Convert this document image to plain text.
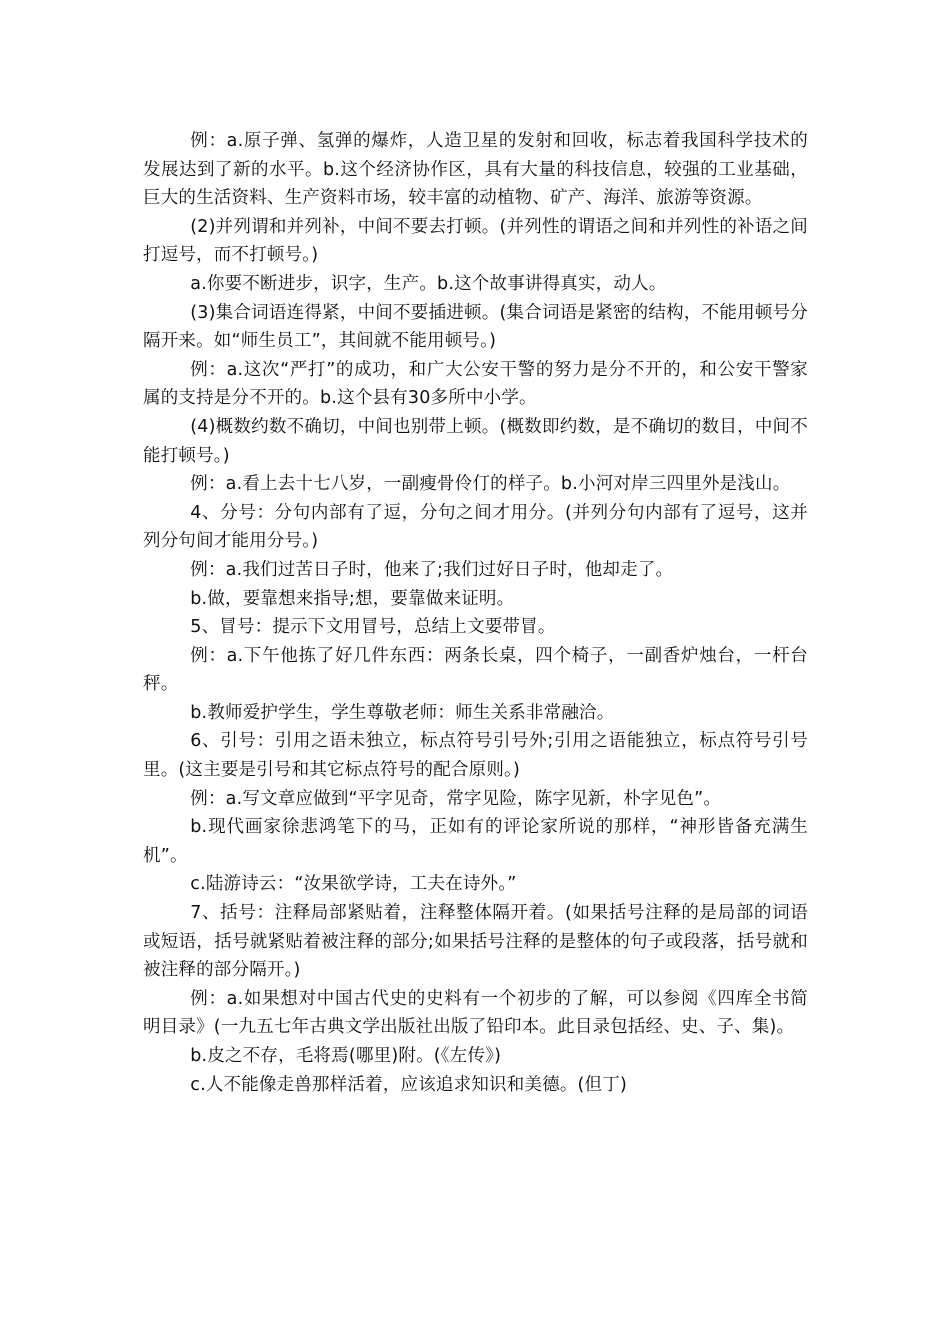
例：a.原子弹、氢弹的爆炸，人造卫星的发射和回收，标志着我国科学技术的发展达到了新的水平。b.这个经济协作区，具有大量的科技信息，较强的工业基础，巨大的生活资料、生产资料市场，较丰富的动植物、矿产、海洋、旅游等资源。

(2)并列谓和并列补，中间不要去打顿。(并列性的谓语之间和并列性的补语之间打逗号，而不打顿号。)

a.你要不断进步，识字，生产。b.这个故事讲得真实，动人。

(3)集合词语连得紧，中间不要插进顿。(集合词语是紧密的结构，不能用顿号分隔开来。如“师生员工”，其间就不能用顿号。)

例：a.这次“严打”的成功，和广大公安干警的努力是分不开的，和公安干警家属的支持是分不开的。b.这个县有30多所中小学。

(4)概数约数不确切，中间也别带上顿。(概数即约数，是不确切的数目，中间不能打顿号。)

例：a.看上去十七八岁，一副瘦骨伶仃的样子。b.小河对岸三四里外是浅山。

4、分号：分句内部有了逗，分句之间才用分。(并列分句内部有了逗号，这并列分句间才能用分号。)

例：a.我们过苦日子时，他来了;我们过好日子时，他却走了。

b.做，要靠想来指导;想，要靠做来证明。

5、冒号：提示下文用冒号，总结上文要带冒。

例：a.下午他拣了好几件东西：两条长桌，四个椅子，一副香炉烛台，一杆台秤。

b.教师爱护学生，学生尊敬老师：师生关系非常融洽。

6、引号：引用之语未独立，标点符号引号外;引用之语能独立，标点符号引号里。(这主要是引号和其它标点符号的配合原则。)

例：a.写文章应做到“平字见奇，常字见险，陈字见新，朴字见色”。

b.现代画家徐悲鸿笔下的马，正如有的评论家所说的那样，“神形皆备充满生机”。

c.陆游诗云：“汝果欲学诗，工夫在诗外。”

7、括号：注释局部紧贴着，注释整体隔开着。(如果括号注释的是局部的词语或短语，括号就紧贴着被注释的部分;如果括号注释的是整体的句子或段落，括号就和被注释的部分隔开。)

例：a.如果想对中国古代史的史料有一个初步的了解，可以参阅《四库全书简明目录》(一九五七年古典文学出版社出版了铅印本。此目录包括经、史、子、集)。

b.皮之不存，毛将焉(哪里)附。(《左传》)

c.人不能像走兽那样活着，应该追求知识和美德。(但丁)
